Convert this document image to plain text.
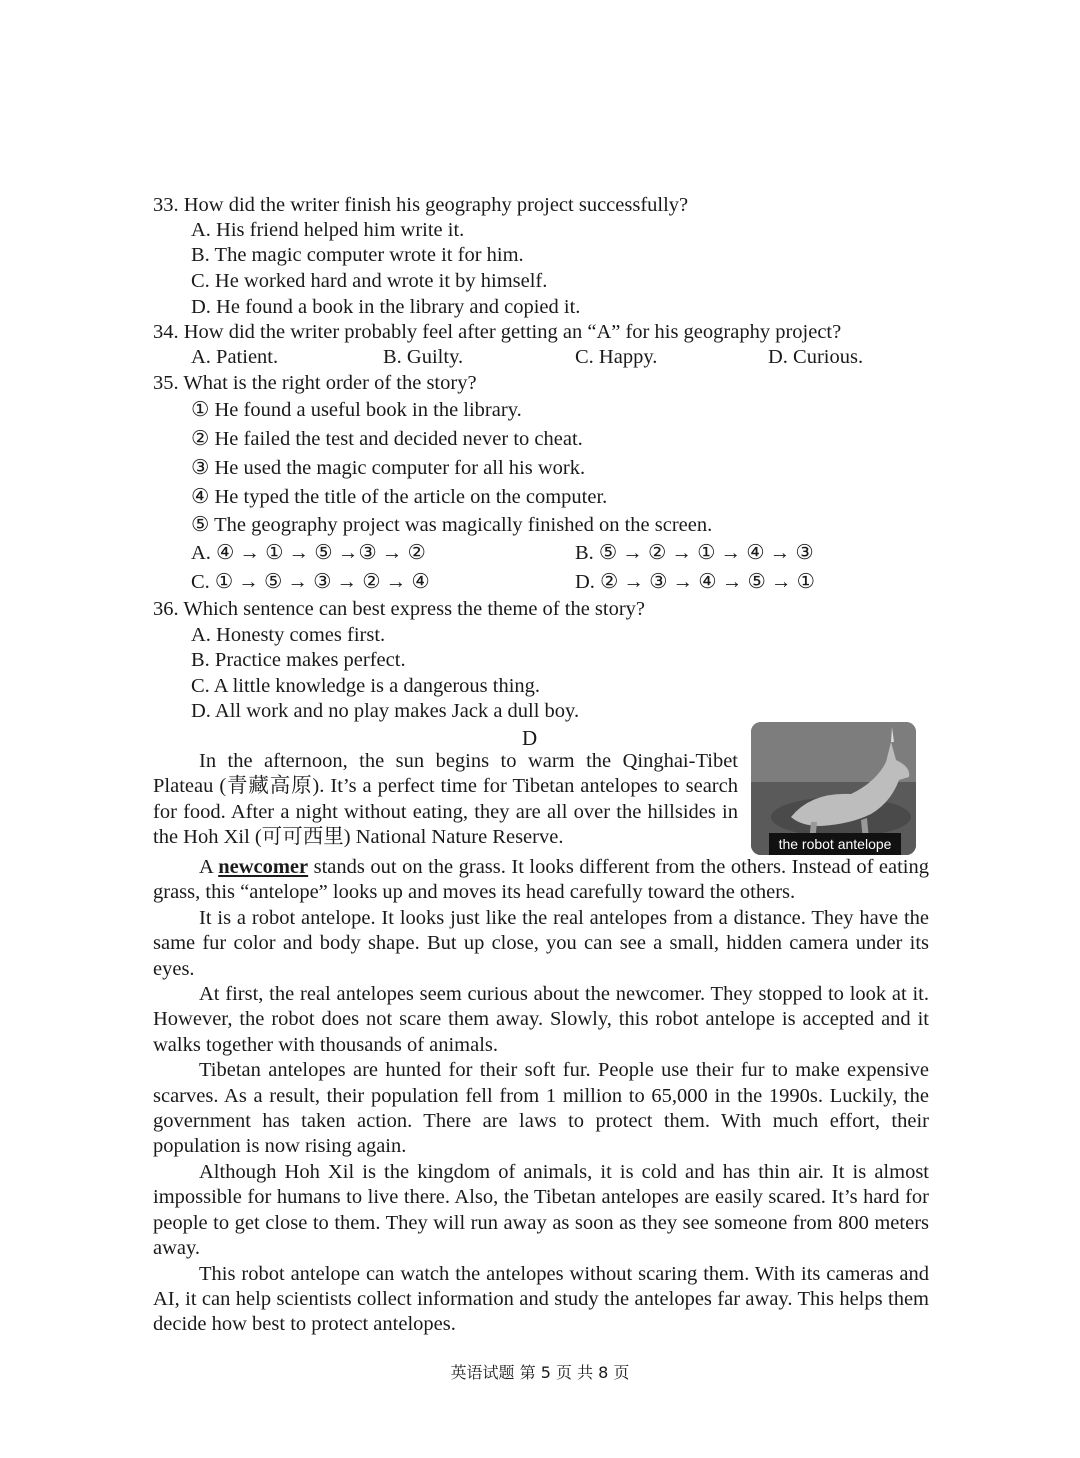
33. How did the writer finish his geography project successfully?
A. His friend helped him write it.
B. The magic computer wrote it for him.
C. He worked hard and wrote it by himself.
D. He found a book in the library and copied it.
34. How did the writer probably feel after getting an “A” for his geography project?
A. Patient.	B. Guilty.	C. Happy.	D. Curious.
35. What is the right order of the story?
① He found a useful book in the library.
② He failed the test and decided never to cheat.
③ He used the magic computer for all his work.
④ He typed the title of the article on the computer.
⑤ The geography project was magically finished on the screen.
A. ④ → ① → ⑤ →③ → ②	B. ⑤ → ② → ① → ④ → ③
C. ① → ⑤ → ③ → ② → ④	D. ② → ③ → ④ → ⑤ → ①
36. Which sentence can best express the theme of the story?
A. Honesty comes first.
B. Practice makes perfect.
C. A little knowledge is a dangerous thing.
D. All work and no play makes Jack a dull boy.
D
the robot antelope

In the afternoon, the sun begins to warm the Qinghai-Tibet Plateau (青藏高原). It’s a perfect time for Tibetan antelopes to search for food. After a night without eating, they are all over the hillsides in the Hoh Xil (可可西里) National Nature Reserve.

A newcomer stands out on the grass. It looks different from the others. Instead of eating grass, this “antelope” looks up and moves its head carefully toward the others.

It is a robot antelope. It looks just like the real antelopes from a distance. They have the same fur color and body shape. But up close, you can see a small, hidden camera under its eyes.

At first, the real antelopes seem curious about the newcomer. They stopped to look at it. However, the robot does not scare them away. Slowly, this robot antelope is accepted and it walks together with thousands of animals.

Tibetan antelopes are hunted for their soft fur. People use their fur to make expensive scarves. As a result, their population fell from 1 million to 65,000 in the 1990s. Luckily, the government has taken action. There are laws to protect them. With much effort, their population is now rising again.

Although Hoh Xil is the kingdom of animals, it is cold and has thin air. It is almost impossible for humans to live there. Also, the Tibetan antelopes are easily scared. It’s hard for people to get close to them. They will run away as soon as they see someone from 800 meters away.

This robot antelope can watch the antelopes without scaring them. With its cameras and AI, it can help scientists collect information and study the antelopes far away. This helps them decide how best to protect antelopes.

英语试题 第 5 页 共 8 页
